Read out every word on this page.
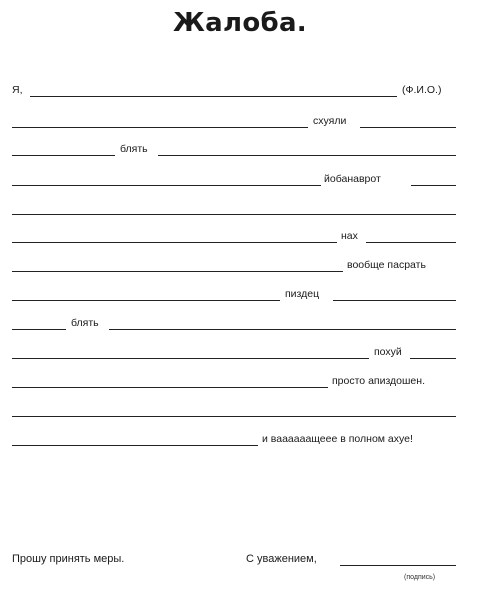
Жалоба.
Я,	(Ф.И.О.)
схуяли
блять
йобанаврот
нах
вообще пасрать
пиздец
блять
похуй
просто апиздошен.
и ваааааащеее в полном ахуе!
Прошу принять меры.	С уважением,
(подпись)
